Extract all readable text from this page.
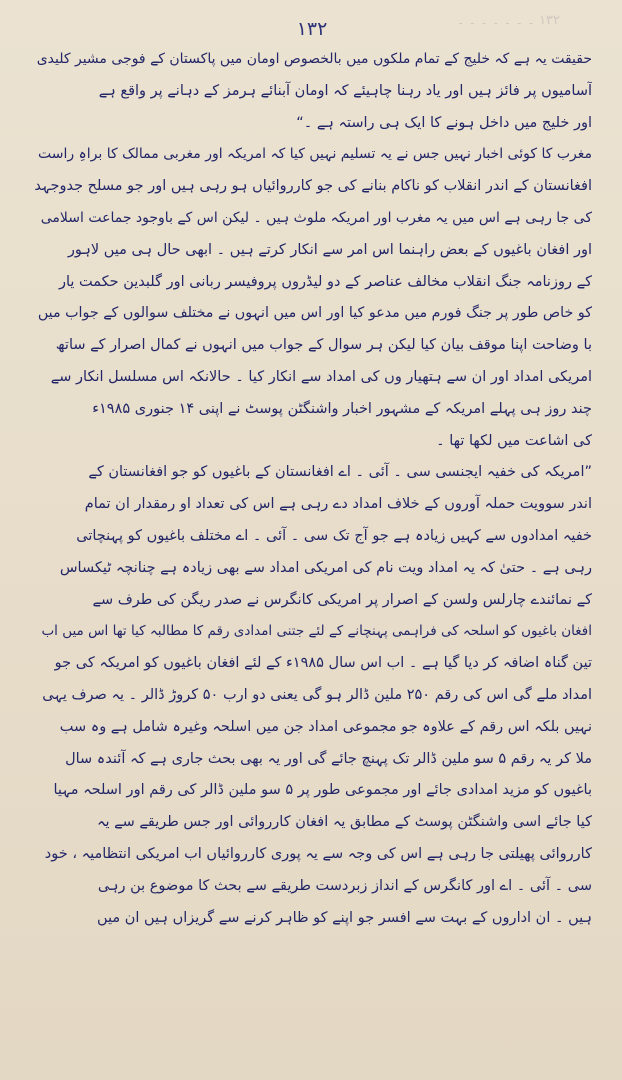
۱۳۲ ۔ ۔ ۔ ۔ ۔ ۔ ۔
۱۳۲
حقیقت یہ ہے کہ خلیج کے تمام ملکوں میں بالخصوص اومان میں پاکستان کے فوجی مشیر کلیدی
آسامیوں پر فائز ہیں اور یاد رہنا چاہیئے کہ اومان آبنائے ہرمز کے دہانے پر واقع ہے
اور خلیج میں داخل ہونے کا ایک ہی راستہ ہے ۔“
مغرب کا کوئی اخبار نہیں جس نے یہ تسلیم نہیں کیا کہ امریکہ اور مغربی ممالک کا براہِ راست
افغانستان کے اندر انقلاب کو ناکام بنانے کی جو کارروائیاں ہو رہی ہیں اور جو مسلح جدوجہد
کی جا رہی ہے اس میں یہ مغرب اور امریکہ ملوث ہیں ۔ لیکن اس کے باوجود جماعت اسلامی
اور افغان باغیوں کے بعض راہنما اس امر سے انکار کرتے ہیں ۔ ابھی حال ہی میں لاہور
کے روزنامہ جنگ انقلاب مخالف عناصر کے دو لیڈروں پروفیسر ربانی اور گلبدین حکمت یار
کو خاص طور پر جنگ فورم میں مدعو کیا اور اس میں انہوں نے مختلف سوالوں کے جواب میں
با وضاحت اپنا موقف بیان کیا لیکن ہر سوال کے جواب میں انہوں نے کمال اصرار کے ساتھ
امریکی امداد اور ان سے ہتھیار وں کی امداد سے انکار کیا ۔ حالانکہ اس مسلسل انکار سے
چند روز ہی پہلے امریکہ کے مشہور اخبار واشنگٹن پوسٹ نے اپنی ۱۴ جنوری ۱۹۸۵ء
کی اشاعت میں لکھا تھا ۔
”امریکہ کی خفیہ ایجنسی سی ۔ آئی ۔ اے افغانستان کے باغیوں کو جو افغانستان کے
اندر سوویت حملہ آوروں کے خلاف امداد دے رہی ہے اس کی تعداد او رمقدار ان تمام
خفیہ امدادوں سے کہیں زیادہ ہے جو آج تک سی ۔ آئی ۔ اے مختلف باغیوں کو پہنچاتی
رہی ہے ۔ حتیٰ کہ یہ امداد ویت نام کی امریکی امداد سے بھی زیادہ ہے چنانچہ ٹیکساس
کے نمائندے چارلس ولسن کے اصرار پر امریکی کانگرس نے صدر ریگن کی طرف سے
افغان باغیوں کو اسلحہ کی فراہمی پہنچانے کے لئے جتنی امدادی رقم کا مطالبہ کیا تھا اس میں اب
تین گناہ اضافہ کر دیا گیا ہے ۔ اب اس سال ۱۹۸۵ء کے لئے افغان باغیوں کو امریکہ کی جو
امداد ملے گی اس کی رقم ۲۵۰ ملین ڈالر ہو گی یعنی دو ارب ۵۰ کروڑ ڈالر ۔ یہ صرف یہی
نہیں بلکہ اس رقم کے علاوہ جو مجموعی امداد جن میں اسلحہ وغیرہ شامل ہے وہ سب
ملا کر یہ رقم ۵ سو ملین ڈالر تک پہنچ جائے گی اور یہ بھی بحث جاری ہے کہ آئندہ سال
باغیوں کو مزید امدادی جائے اور مجموعی طور پر ۵ سو ملین ڈالر کی رقم اور اسلحہ مہیا
کیا جائے اسی واشنگٹن پوسٹ کے مطابق یہ افغان کارروائی اور جس طریقے سے یہ
کارروائی پھیلتی جا رہی ہے اس کی وجہ سے یہ پوری کارروائیاں اب امریکی انتظامیہ ، خود
سی ۔ آئی ۔ اے اور کانگرس کے انداز زبردست طریقے سے بحث کا موضوع بن رہی
ہیں ۔ ان اداروں کے بہت سے افسر جو اپنے کو ظاہر کرنے سے گریزاں ہیں ان میں
